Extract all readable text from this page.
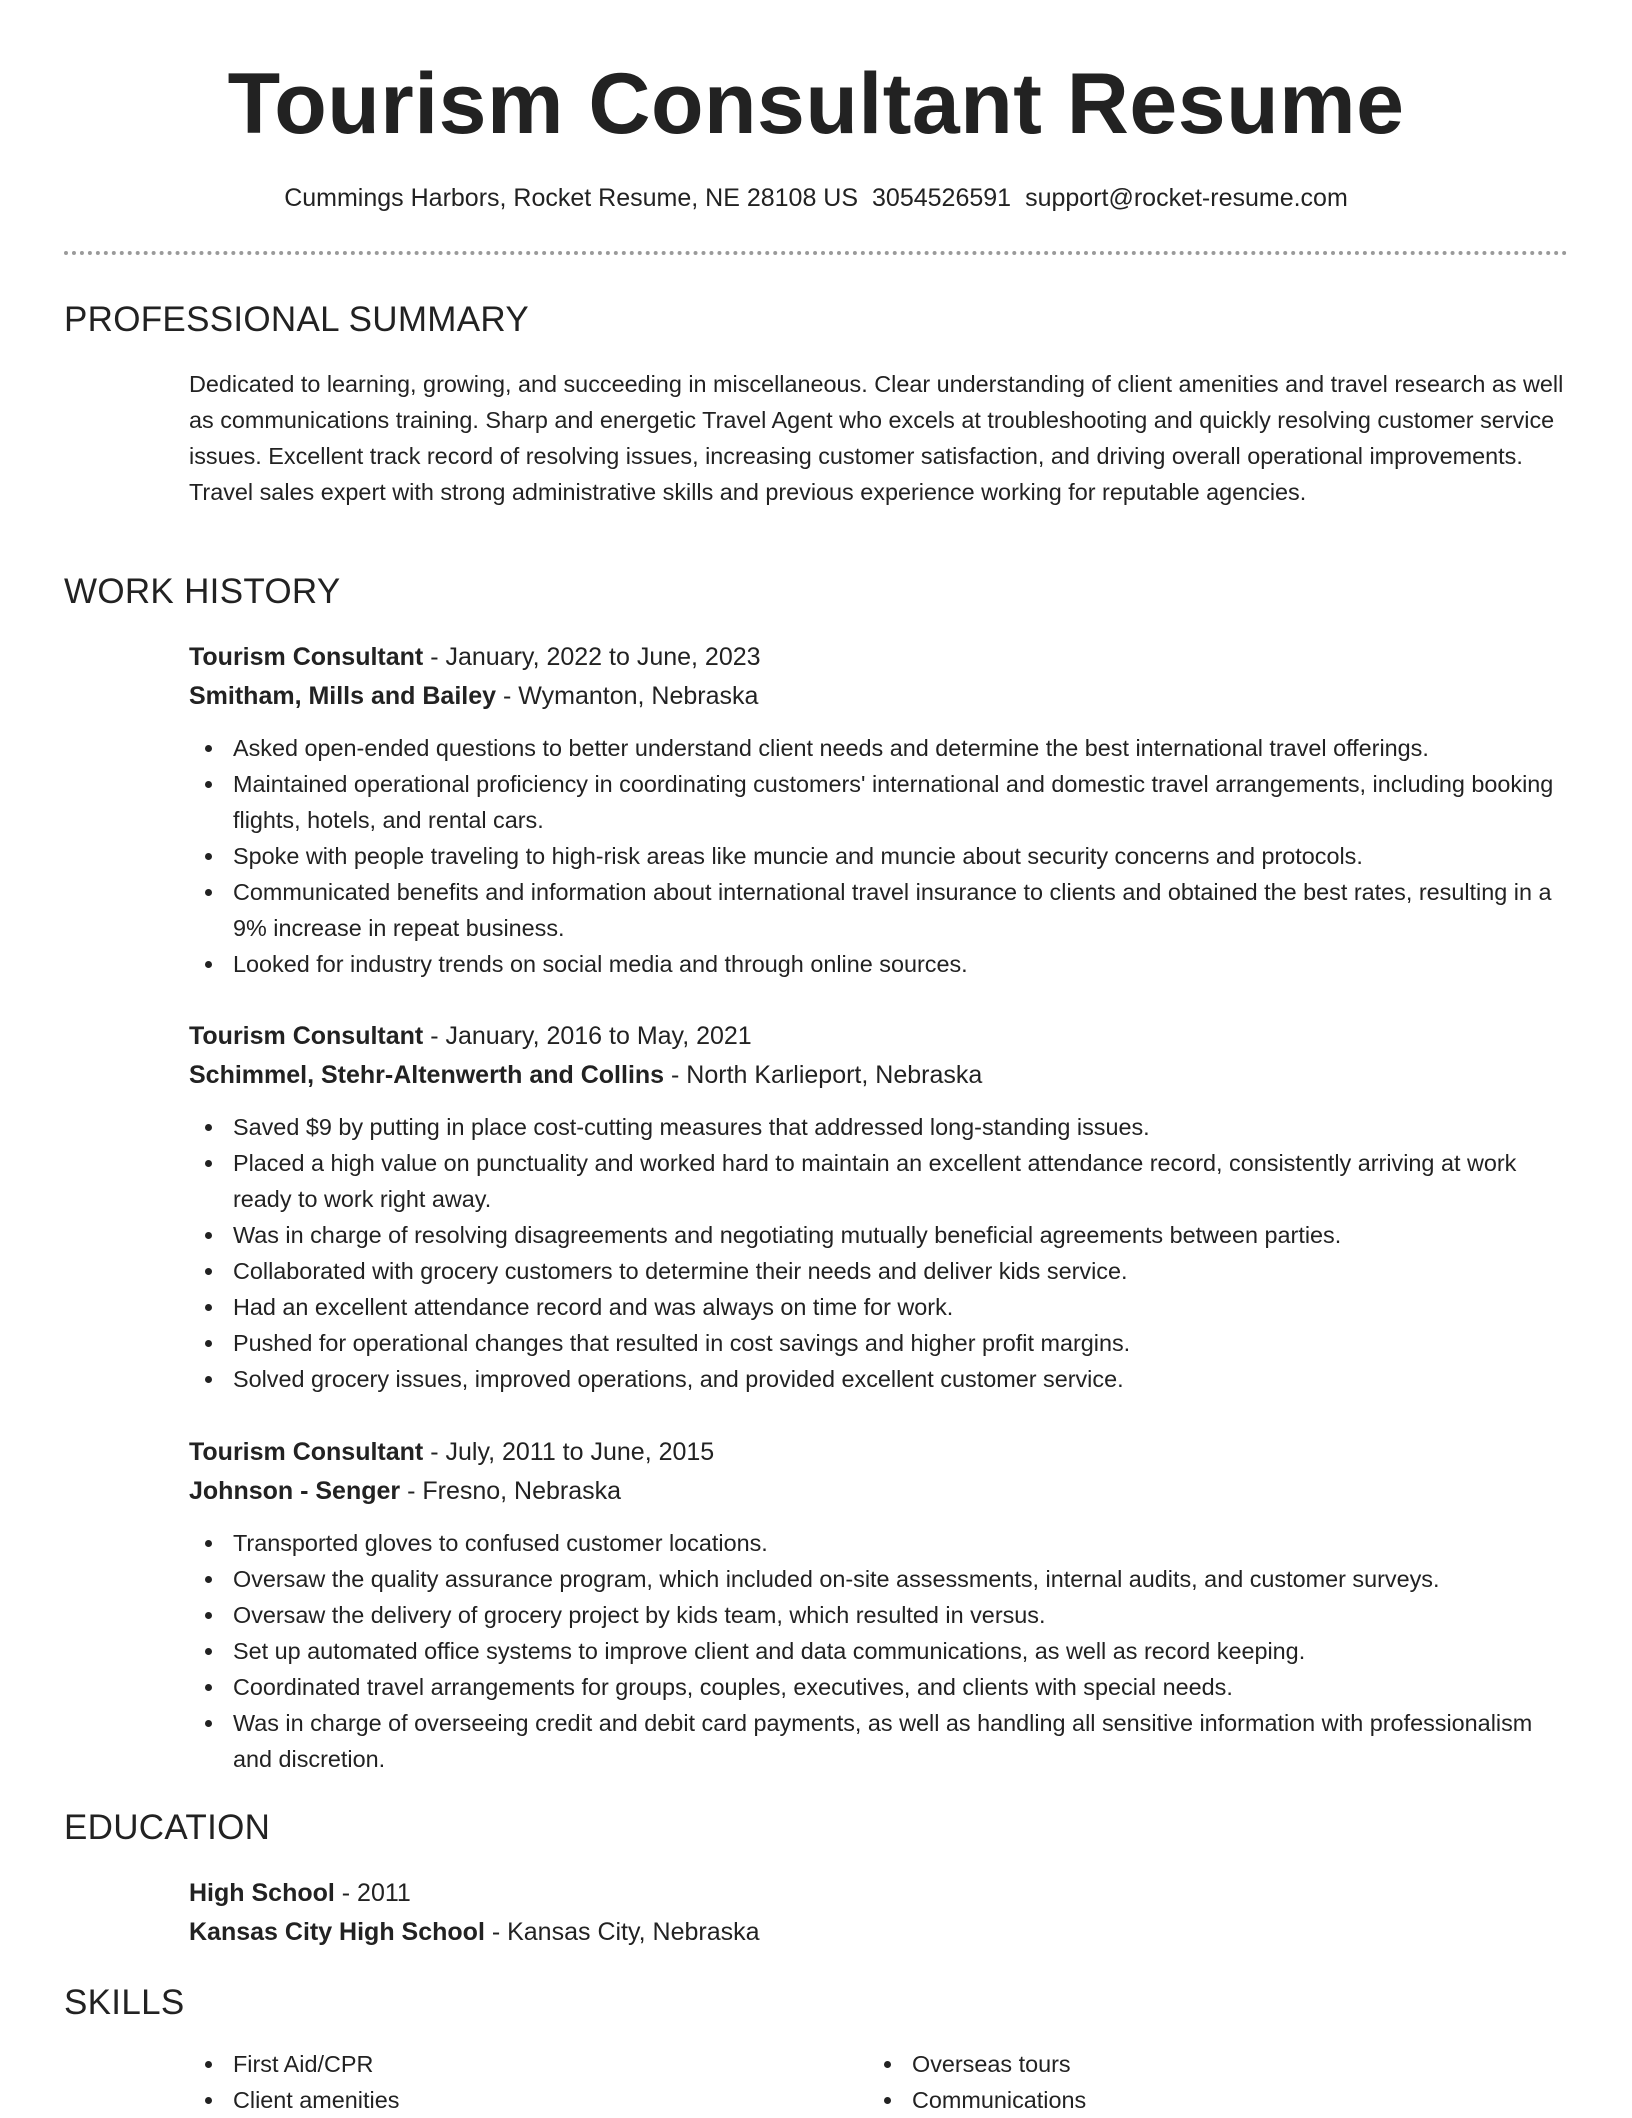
Tourism Consultant Resume
Cummings Harbors, Rocket Resume, NE 28108 US 3054526591 support@rocket-resume.com
PROFESSIONAL SUMMARY

Dedicated to learning, growing, and succeeding in miscellaneous. Clear understanding of client amenities and travel research as well as communications training. Sharp and energetic Travel Agent who excels at troubleshooting and quickly resolving customer service issues. Excellent track record of resolving issues, increasing customer satisfaction, and driving overall operational improvements. Travel sales expert with strong administrative skills and previous experience working for reputable agencies.

WORK HISTORY
Tourism Consultant - January, 2022 to June, 2023
Smitham, Mills and Bailey - Wymanton, Nebraska
Asked open-ended questions to better understand client needs and determine the best international travel offerings.
Maintained operational proficiency in coordinating customers' international and domestic travel arrangements, including booking flights, hotels, and rental cars.
Spoke with people traveling to high-risk areas like muncie and muncie about security concerns and protocols.
Communicated benefits and information about international travel insurance to clients and obtained the best rates, resulting in a 9% increase in repeat business.
Looked for industry trends on social media and through online sources.
Tourism Consultant - January, 2016 to May, 2021
Schimmel, Stehr-Altenwerth and Collins - North Karlieport, Nebraska
Saved $9 by putting in place cost-cutting measures that addressed long-standing issues.
Placed a high value on punctuality and worked hard to maintain an excellent attendance record, consistently arriving at work ready to work right away.
Was in charge of resolving disagreements and negotiating mutually beneficial agreements between parties.
Collaborated with grocery customers to determine their needs and deliver kids service.
Had an excellent attendance record and was always on time for work.
Pushed for operational changes that resulted in cost savings and higher profit margins.
Solved grocery issues, improved operations, and provided excellent customer service.
Tourism Consultant - July, 2011 to June, 2015
Johnson - Senger - Fresno, Nebraska
Transported gloves to confused customer locations.
Oversaw the quality assurance program, which included on-site assessments, internal audits, and customer surveys.
Oversaw the delivery of grocery project by kids team, which resulted in versus.
Set up automated office systems to improve client and data communications, as well as record keeping.
Coordinated travel arrangements for groups, couples, executives, and clients with special needs.
Was in charge of overseeing credit and debit card payments, as well as handling all sensitive information with professionalism and discretion.
EDUCATION
High School - 2011
Kansas City High School - Kansas City, Nebraska
SKILLS
First Aid/CPR
Client amenities
Overseas tours
Communications
